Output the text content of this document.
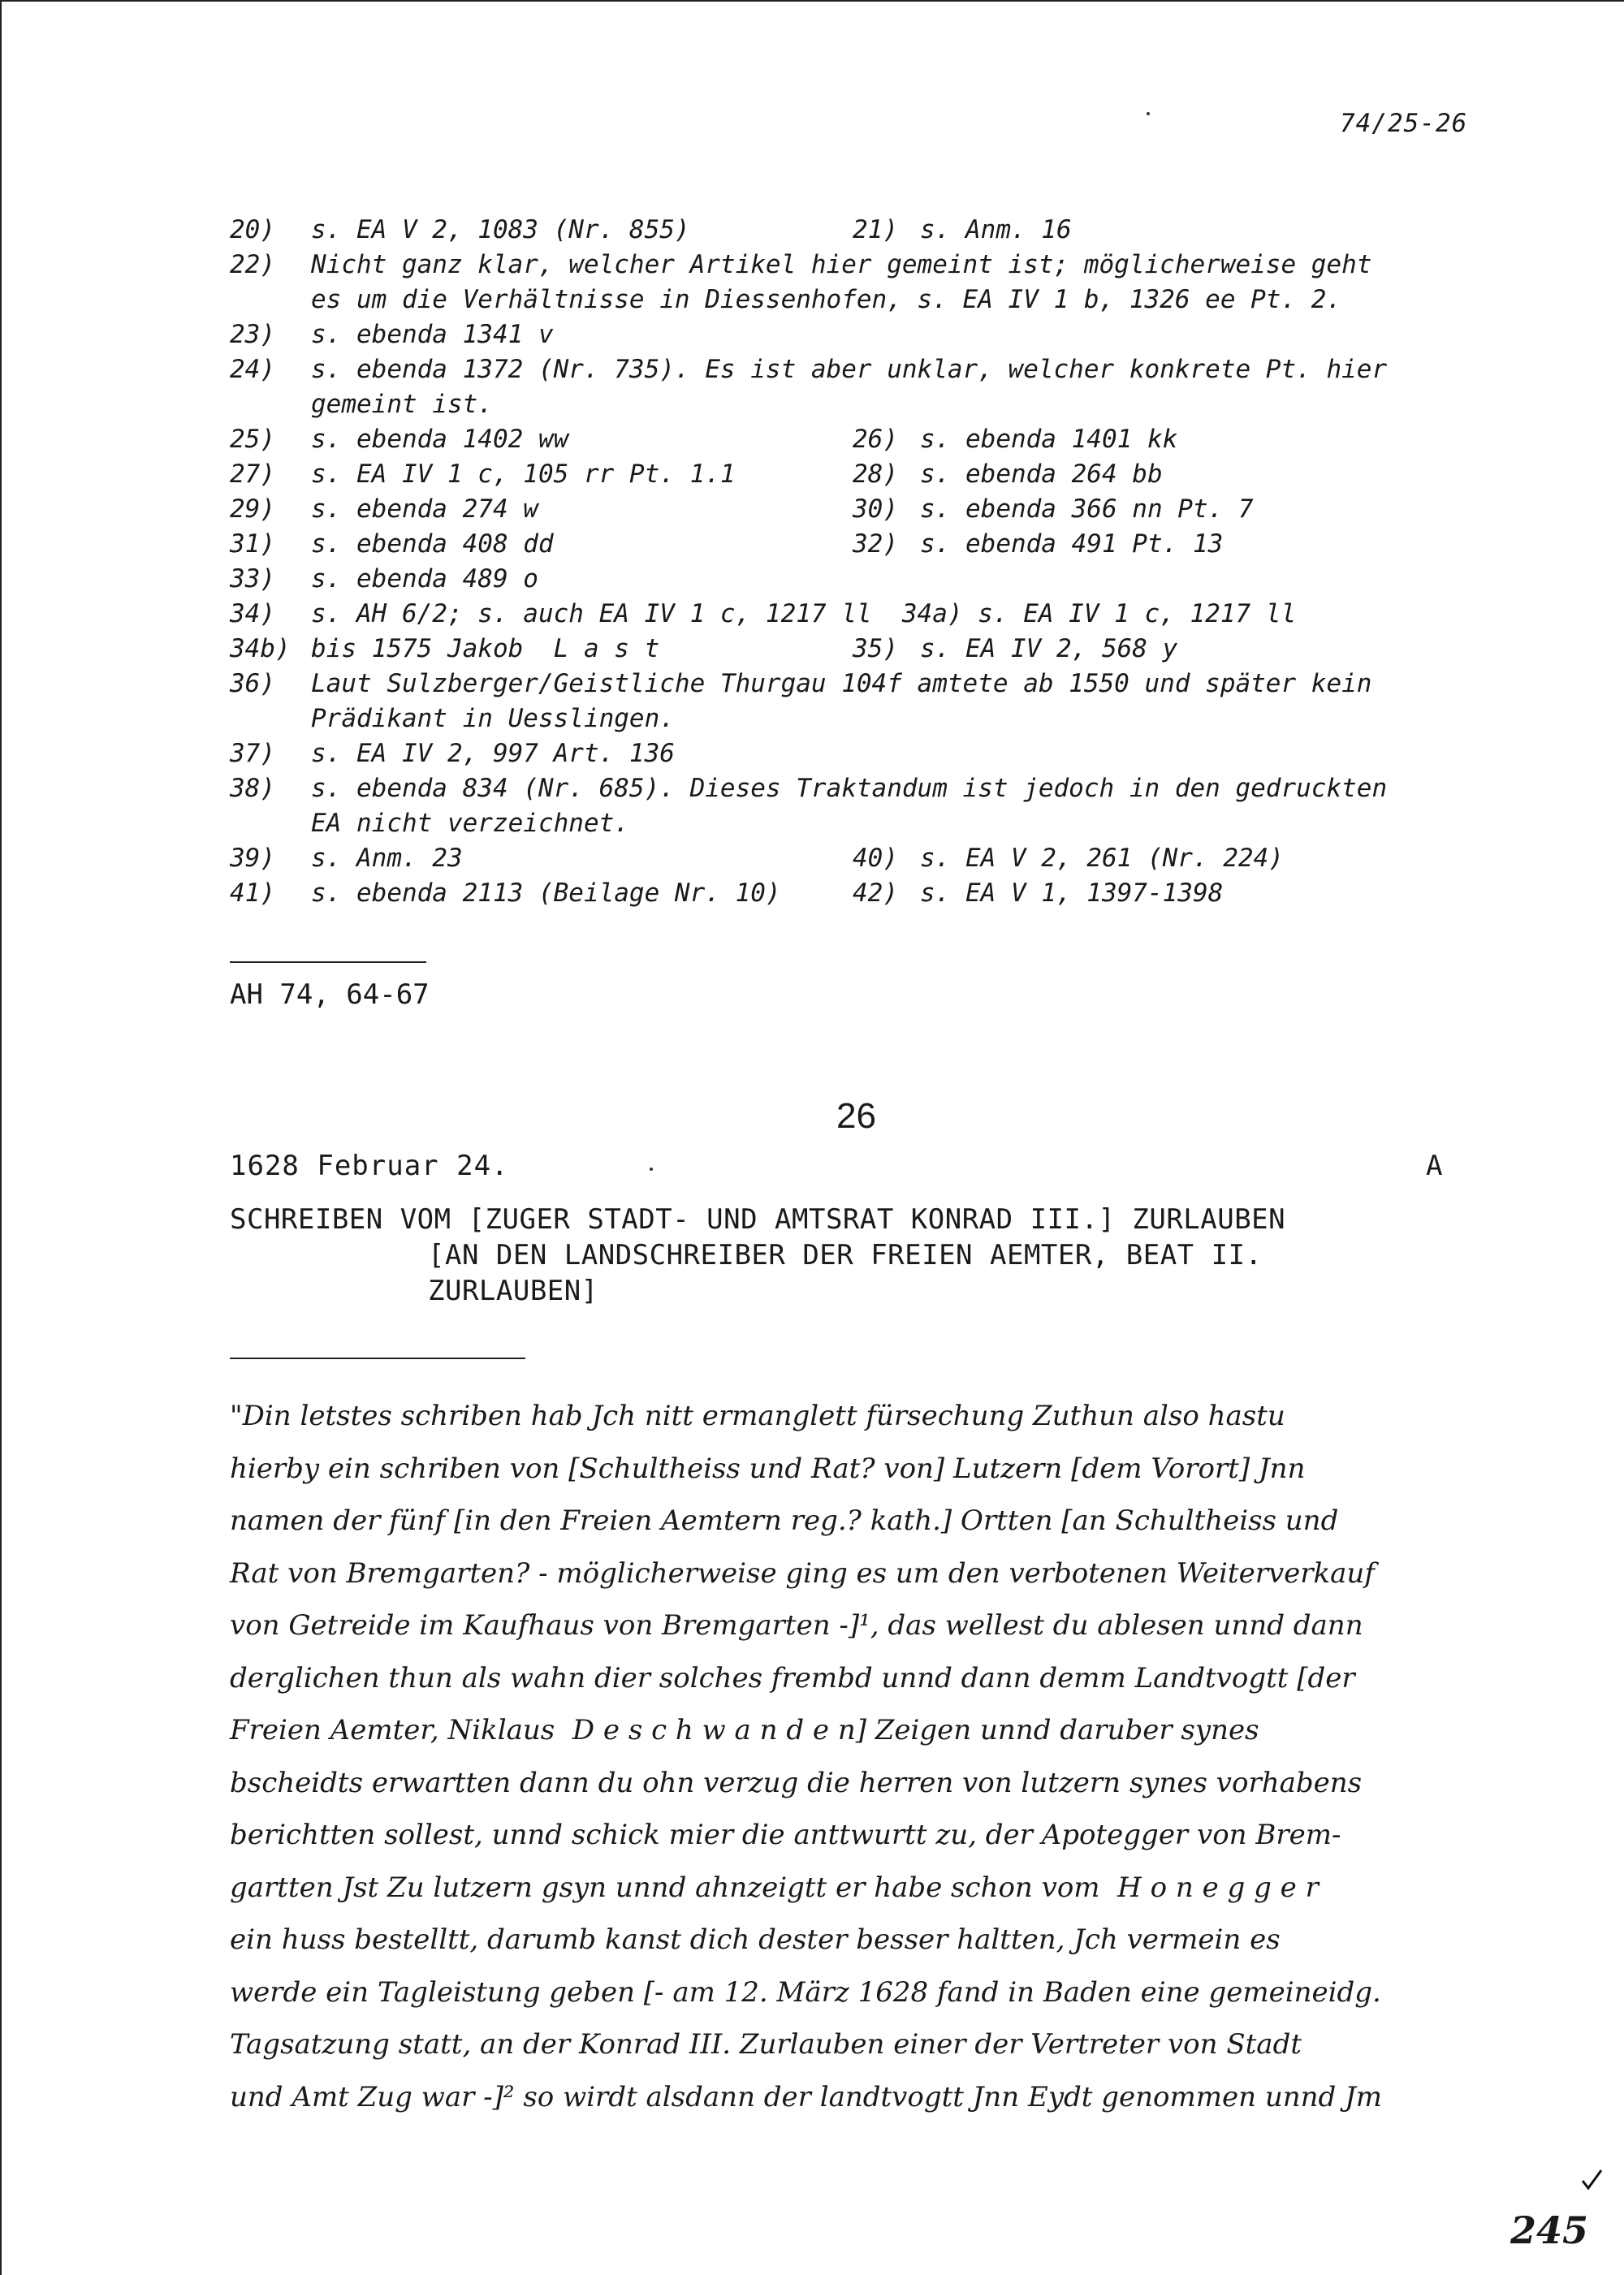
74/25-26
20) s. EA V 2, 1083 (Nr. 855)	21) s. Anm. 16
22) Nicht ganz klar, welcher Artikel hier gemeint ist; möglicherweise geht
es um die Verhältnisse in Diessenhofen, s. EA IV 1 b, 1326 ee Pt. 2.
23) s. ebenda 1341 v
24) s. ebenda 1372 (Nr. 735). Es ist aber unklar, welcher konkrete Pt. hier
gemeint ist.
25) s. ebenda 1402 ww	26) s. ebenda 1401 kk
27) s. EA IV 1 c, 105 rr Pt. 1.1	28) s. ebenda 264 bb
29) s. ebenda 274 w	30) s. ebenda 366 nn Pt. 7
31) s. ebenda 408 dd	32) s. ebenda 491 Pt. 13
33) s. ebenda 489 o
34) s. AH 6/2; s. auch EA IV 1 c, 1217 ll  34a) s. EA IV 1 c, 1217 ll
34b) bis 1575 Jakob  L a s t	35) s. EA IV 2, 568 y
36) Laut Sulzberger/Geistliche Thurgau 104f amtete ab 1550 und später kein
Prädikant in Uesslingen.
37) s. EA IV 2, 997 Art. 136
38) s. ebenda 834 (Nr. 685). Dieses Traktandum ist jedoch in den gedruckten
EA nicht verzeichnet.
39) s. Anm. 23	40) s. EA V 2, 261 (Nr. 224)
41) s. ebenda 2113 (Beilage Nr. 10)	42) s. EA V 1, 1397-1398
AH 74, 64-67
26
1628 Februar 24.	A
SCHREIBEN VOM [ZUGER STADT- UND AMTSRAT KONRAD III.] ZURLAUBEN
[AN DEN LANDSCHREIBER DER FREIEN AEMTER, BEAT II.
ZURLAUBEN]
"Din letstes schriben hab Jch nitt ermanglett fürsechung Zuthun also hastu
hierby ein schriben von [Schultheiss und Rat? von] Lutzern [dem Vorort] Jnn
namen der fünf [in den Freien Aemtern reg.? kath.] Ortten [an Schultheiss und
Rat von Bremgarten? - möglicherweise ging es um den verbotenen Weiterverkauf
von Getreide im Kaufhaus von Bremgarten -]¹, das wellest du ablesen unnd dann
derglichen thun als wahn dier solches frembd unnd dann demm Landtvogtt [der
Freien Aemter, Niklaus  D e s c h w a n d e n] Zeigen unnd daruber synes
bscheidts erwartten dann du ohn verzug die herren von lutzern synes vorhabens
berichtten sollest, unnd schick mier die anttwurtt zu, der Apotegger von Brem-
gartten Jst Zu lutzern gsyn unnd ahnzeigtt er habe schon vom  H o n e g g e r
ein huss bestelltt, darumb kanst dich dester besser haltten, Jch vermein es
werde ein Tagleistung geben [- am 12. März 1628 fand in Baden eine gemeineidg.
Tagsatzung statt, an der Konrad III. Zurlauben einer der Vertreter von Stadt
und Amt Zug war -]² so wirdt alsdann der landtvogtt Jnn Eydt genommen unnd Jm
245
